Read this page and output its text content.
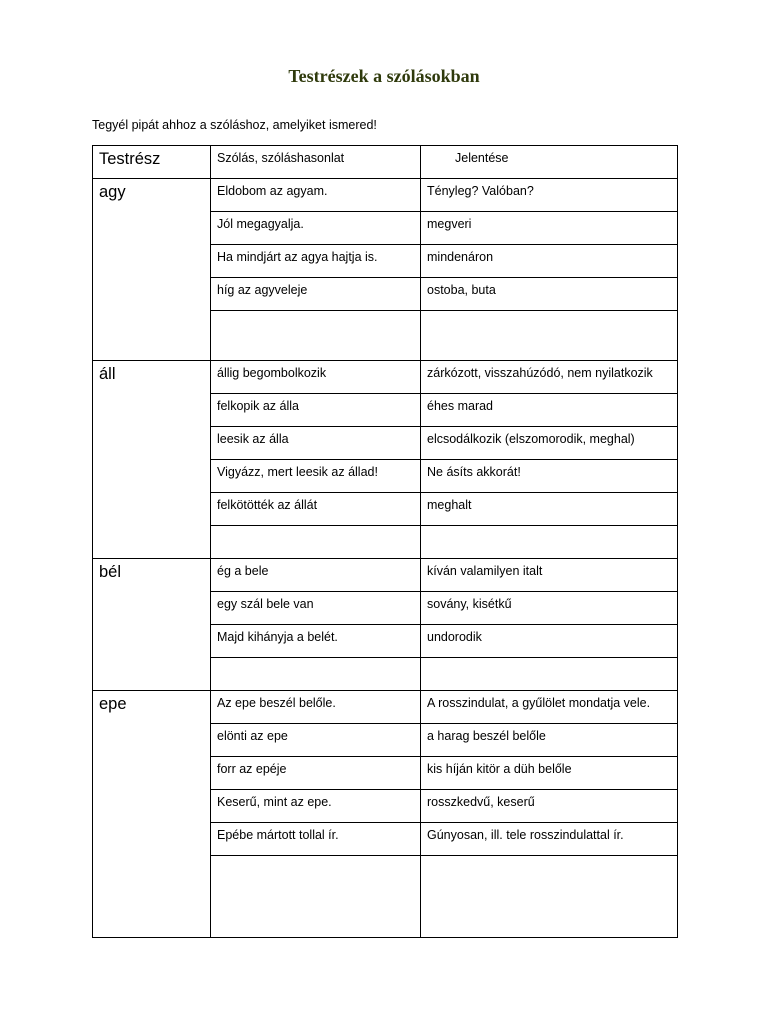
Testrészek a szólásokban
Tegyél pipát ahhoz a szóláshoz, amelyiket ismered!
Testrész	Szólás, szóláshasonlat	Jelentése

agy	Eldobom az agyam.	Tényleg? Valóban?

	Jól megagyalja.	megveri

	Ha mindjárt az agya hajtja is.	mindenáron

	híg az agyveleje	ostoba, buta

áll	állig begombolkozik	zárkózott, visszahúzódó, nem nyilatkozik

	felkopik az álla	éhes marad

	leesik az álla	elcsodálkozik (elszomorodik, meghal)

	Vigyázz, mert leesik az állad!	Ne ásíts akkorát!

	felkötötték az állát	meghalt

bél	ég a bele	kíván valamilyen italt

	egy szál bele van	sovány, kisétkű

	Majd kihányja a belét.	undorodik

epe	Az epe beszél belőle.	A rosszindulat, a gyűlölet mondatja vele.

	elönti az epe	a harag beszél belőle

	forr az epéje	kis híján kitör a düh belőle

	Keserű, mint az epe.	rosszkedvű, keserű

	Epébe mártott tollal ír.	Gúnyosan, ill. tele rosszindulattal ír.
